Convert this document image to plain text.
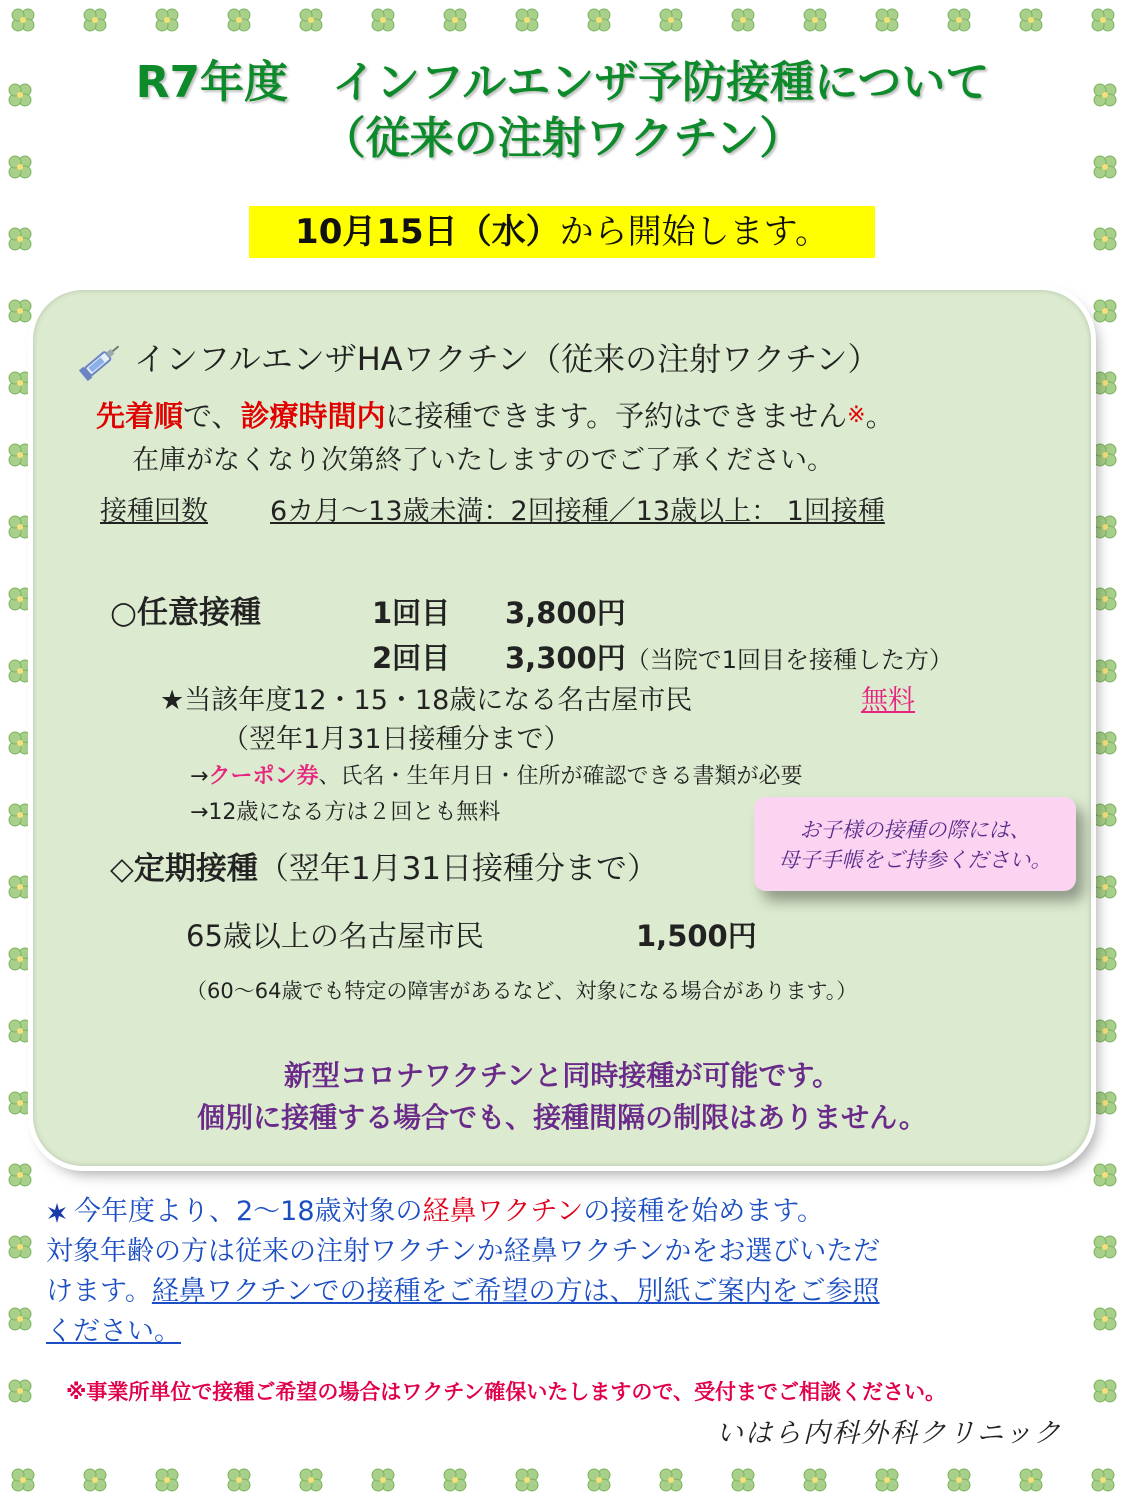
R7年度　インフルエンザ予防接種について
（従来の注射ワクチン）
10月15日（水）から開始します。
インフルエンザHAワクチン（従来の注射ワクチン）
先着順で、診療時間内に接種できます。予約はできません※。
在庫がなくなり次第終了いたしますのでご了承ください。
接種回数 6カ月～13歳未満：2回接種／13歳以上： 1回接種
○任意接種	1回目 3,800円
2回目 3,300円（当院で1回目を接種した方）
★当該年度12・15・18歳になる名古屋市民	無料
（翌年1月31日接種分まで）
→クーポン券、氏名・生年月日・住所が確認できる書類が必要
→12歳になる方は２回とも無料
お子様の接種の際には、
母子手帳をご持参ください。
◇定期接種（翌年1月31日接種分まで）
65歳以上の名古屋市民	1,500円
（60～64歳でも特定の障害があるなど、対象になる場合があります。）
新型コロナワクチンと同時接種が可能です。
個別に接種する場合でも、接種間隔の制限はありません。
今年度より、2～18歳対象の経鼻ワクチンの接種を始めます。
対象年齢の方は従来の注射ワクチンか経鼻ワクチンかをお選びいただ
けます。経鼻ワクチンでの接種をご希望の方は、別紙ご案内をご参照
ください。
※事業所単位で接種ご希望の場合はワクチン確保いたしますので、受付までご相談ください。
いはら内科外科クリニック
